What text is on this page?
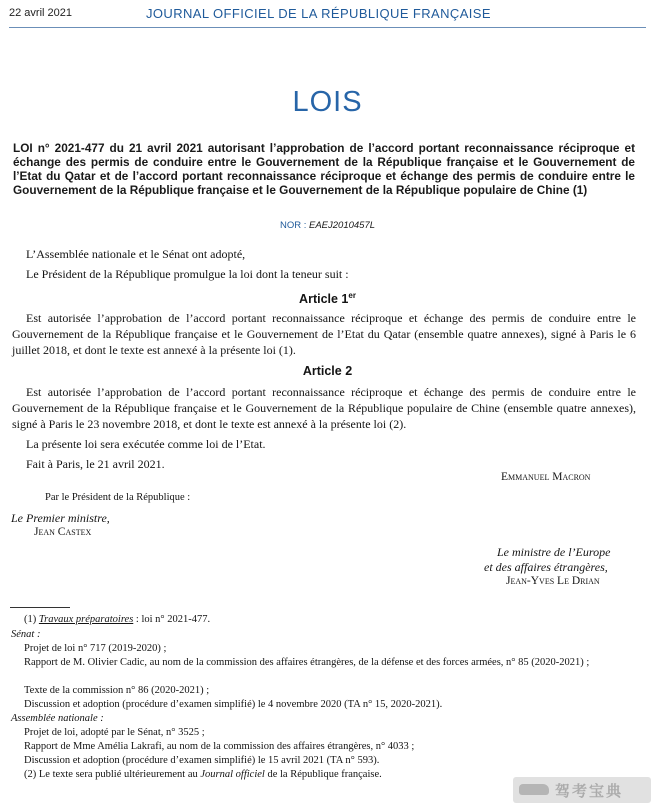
22 avril 2021	JOURNAL OFFICIEL DE LA RÉPUBLIQUE FRANÇAISE
LOIS
LOI n° 2021-477 du 21 avril 2021 autorisant l’approbation de l’accord portant reconnaissance réciproque et échange des permis de conduire entre le Gouvernement de la République française et le Gouvernement de l’Etat du Qatar et de l’accord portant reconnaissance réciproque et échange des permis de conduire entre le Gouvernement de la République française et le Gouvernement de la République populaire de Chine (1)
NOR : EAEJ2010457L
L’Assemblée nationale et le Sénat ont adopté,
Le Président de la République promulgue la loi dont la teneur suit :
Article 1er
Est autorisée l’approbation de l’accord portant reconnaissance réciproque et échange des permis de conduire entre le Gouvernement de la République française et le Gouvernement de l’Etat du Qatar (ensemble quatre annexes), signé à Paris le 6 juillet 2018, et dont le texte est annexé à la présente loi (1).
Article 2
Est autorisée l’approbation de l’accord portant reconnaissance réciproque et échange des permis de conduire entre le Gouvernement de la République française et le Gouvernement de la République populaire de Chine (ensemble quatre annexes), signé à Paris le 23 novembre 2018, et dont le texte est annexé à la présente loi (2).
La présente loi sera exécutée comme loi de l’Etat.
Fait à Paris, le 21 avril 2021.
Emmanuel Macron
Par le Président de la République :
Le Premier ministre,
Jean Castex
Le ministre de l’Europe
et des affaires étrangères,
Jean-Yves Le Drian
(1) Travaux préparatoires : loi n° 2021-477.
Sénat :
Projet de loi n° 717 (2019-2020) ;
Rapport de M. Olivier Cadic, au nom de la commission des affaires étrangères, de la défense et des forces armées, n° 85 (2020-2021) ;
Texte de la commission n° 86 (2020-2021) ;
Discussion et adoption (procédure d’examen simplifié) le 4 novembre 2020 (TA n° 15, 2020-2021).
Assemblée nationale :
Projet de loi, adopté par le Sénat, n° 3525 ;
Rapport de Mme Amélia Lakrafi, au nom de la commission des affaires étrangères, n° 4033 ;
Discussion et adoption (procédure d’examen simplifié) le 15 avril 2021 (TA n° 593).
(2) Le texte sera publié ultérieurement au Journal officiel de la République française.
驾考宝典
